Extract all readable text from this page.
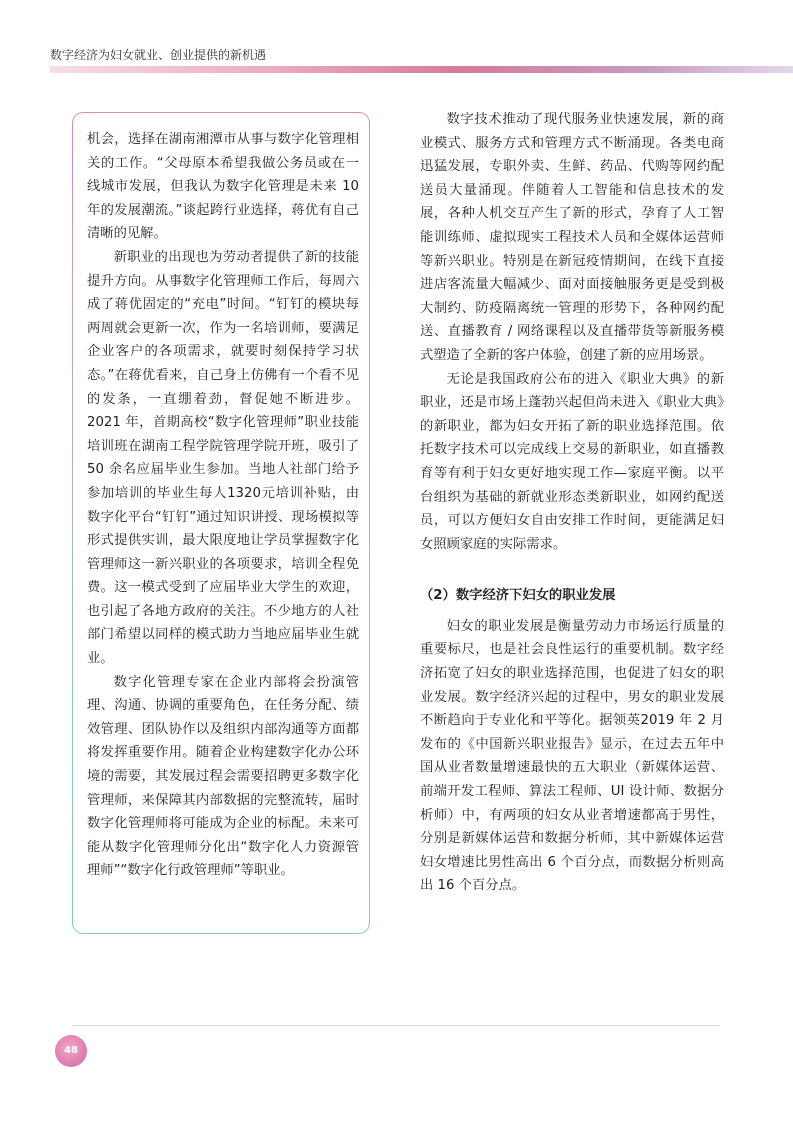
数字经济为妇女就业、创业提供的新机遇

机会，选择在湖南湘潭市从事与数字化管理相关的工作。“父母原本希望我做公务员或在一线城市发展，但我认为数字化管理是未来 10 年的发展潮流。”谈起跨行业选择，蒋优有自己清晰的见解。

新职业的出现也为劳动者提供了新的技能提升方向。从事数字化管理师工作后，每周六成了蒋优固定的“充电”时间。“钉钉的模块每两周就会更新一次，作为一名培训师，要满足企业客户的各项需求，就要时刻保持学习状态。”在蒋优看来，自己身上仿佛有一个看不见的发条，一直绷着劲，督促她不断进步。2021 年，首期高校“数字化管理师”职业技能培训班在湖南工程学院管理学院开班，吸引了 50 余名应届毕业生参加。当地人社部门给予参加培训的毕业生每人1320元培训补贴，由数字化平台“钉钉”通过知识讲授、现场模拟等形式提供实训，最大限度地让学员掌握数字化管理师这一新兴职业的各项要求，培训全程免费。这一模式受到了应届毕业大学生的欢迎，也引起了各地方政府的关注。不少地方的人社部门希望以同样的模式助力当地应届毕业生就业。

数字化管理专家在企业内部将会扮演管理、沟通、协调的重要角色，在任务分配、绩效管理、团队协作以及组织内部沟通等方面都将发挥重要作用。随着企业构建数字化办公环境的需要，其发展过程会需要招聘更多数字化管理师，来保障其内部数据的完整流转，届时数字化管理师将可能成为企业的标配。未来可能从数字化管理师分化出“数字化人力资源管理师”“数字化行政管理师”等职业。

数字技术推动了现代服务业快速发展，新的商业模式、服务方式和管理方式不断涌现。各类电商迅猛发展，专职外卖、生鲜、药品、代购等网约配送员大量涌现。伴随着人工智能和信息技术的发展，各种人机交互产生了新的形式，孕育了人工智能训练师、虚拟现实工程技术人员和全媒体运营师等新兴职业。特别是在新冠疫情期间，在线下直接进店客流量大幅减少、面对面接触服务更是受到极大制约、防疫隔离统一管理的形势下，各种网约配送、直播教育 / 网络课程以及直播带货等新服务模式塑造了全新的客户体验，创建了新的应用场景。

无论是我国政府公布的进入《职业大典》的新职业，还是市场上蓬勃兴起但尚未进入《职业大典》的新职业，都为妇女开拓了新的职业选择范围。依托数字技术可以完成线上交易的新职业，如直播教育等有利于妇女更好地实现工作—家庭平衡。以平台组织为基础的新就业形态类新职业，如网约配送员，可以方便妇女自由安排工作时间，更能满足妇女照顾家庭的实际需求。

（2）数字经济下妇女的职业发展

妇女的职业发展是衡量劳动力市场运行质量的重要标尺，也是社会良性运行的重要机制。数字经济拓宽了妇女的职业选择范围，也促进了妇女的职业发展。数字经济兴起的过程中，男女的职业发展不断趋向于专业化和平等化。据领英2019 年 2 月发布的《中国新兴职业报告》显示，在过去五年中国从业者数量增速最快的五大职业（新媒体运营、前端开发工程师、算法工程师、UI 设计师、数据分析师）中，有两项的妇女从业者增速都高于男性，分别是新媒体运营和数据分析师，其中新媒体运营妇女增速比男性高出 6 个百分点，而数据分析则高出 16 个百分点。

48
